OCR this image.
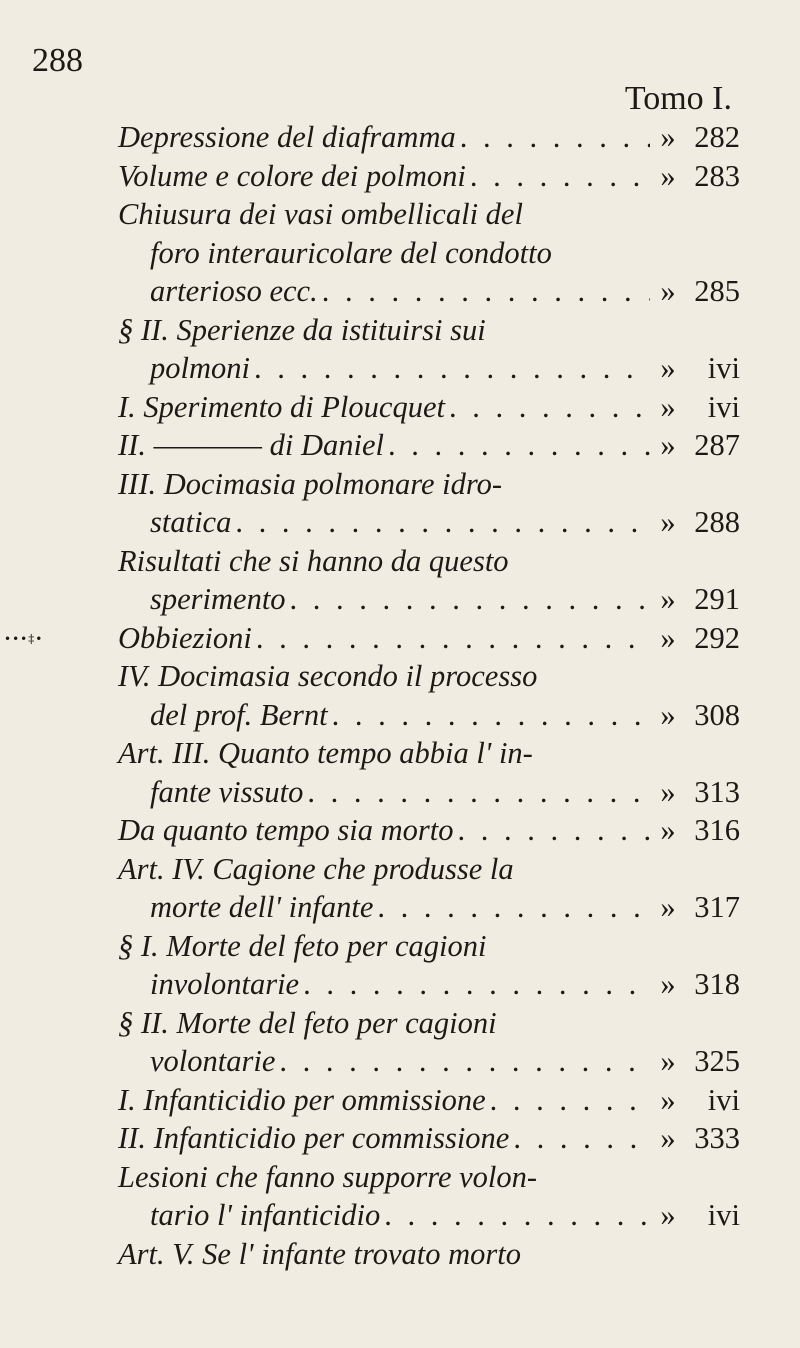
288
Tomo I.
•••‡•
Depressione del diaframma . . .	» 282
Volume e colore dei polmoni . . .	» 283
Chiusura dei vasi ombellicali del
foro interauricolare del condotto
arterioso ecc. . . .	» 285
§ II. Sperienze da istituirsi sui
polmoni . . .	»	ivi
I. Sperimento di Ploucquet . . .	»	ivi
II. ———— di Daniel . . .	» 287
III. Docimasia polmonare idro-
statica . . .	» 288
Risultati che si hanno da questo
sperimento . . .	» 291
Obbiezioni . . .	» 292
IV. Docimasia secondo il processo
del prof. Bernt . . .	» 308
Art. III. Quanto tempo abbia l' in-
fante vissuto . . .	» 313
Da quanto tempo sia morto . . .	» 316
Art. IV. Cagione che produsse la
morte dell' infante . . .	» 317
§ I. Morte del feto per cagioni
involontarie . . .	» 318
§ II. Morte del feto per cagioni
volontarie . . .	» 325
I. Infanticidio per ommissione . . .	»	ivi
II. Infanticidio per commissione . . .	» 333
Lesioni che fanno supporre volon-
tario l' infanticidio . . .	»	ivi
Art. V. Se l' infante trovato morto
